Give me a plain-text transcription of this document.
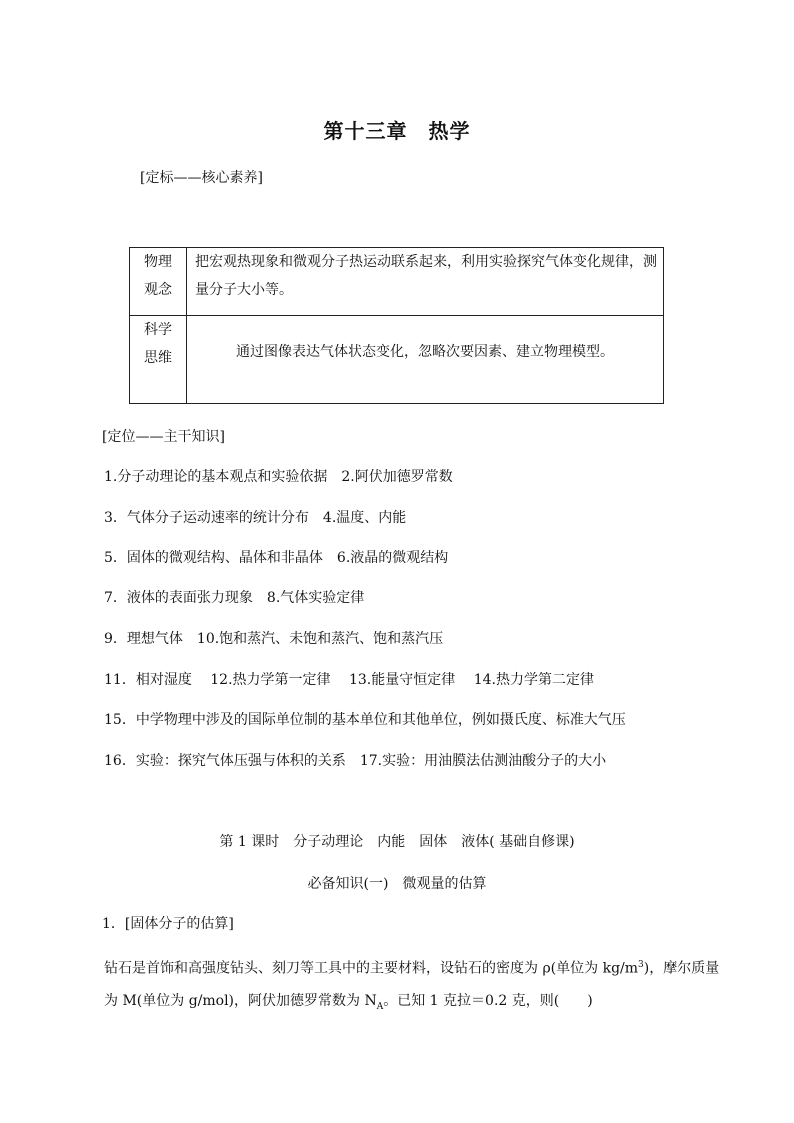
第十三章　热学
[定标——核心素养]
物理
观念	把宏观热现象和微观分子热运动联系起来，利用实验探究气体变化规律，测量分子大小等。

科学
思维	通过图像表达气体状态变化，忽略次要因素、建立物理模型。
[定位——主干知识]
1.分子动理论的基本观点和实验依据　2.阿伏加德罗常数
3．气体分子运动速率的统计分布　4.温度、内能
5．固体的微观结构、晶体和非晶体　6.液晶的微观结构
7．液体的表面张力现象　8.气体实验定律
9．理想气体　10.饱和蒸汽、未饱和蒸汽、饱和蒸汽压
11．相对湿度　 12.热力学第一定律　 13.能量守恒定律　 14.热力学第二定律
15．中学物理中涉及的国际单位制的基本单位和其他单位，例如摄氏度、标准大气压
16．实验：探究气体压强与体积的关系　17.实验：用油膜法估测油酸分子的大小
第 1 课时　分子动理论　内能　固体　液体( 基础自修课)
必备知识(一)　微观量的估算
1．[固体分子的估算]
钻石是首饰和高强度钻头、刻刀等工具中的主要材料，设钻石的密度为 ρ(单位为 $kg/m^3$)，摩尔质量为 M(单位为 g/mol)，阿伏加德罗常数为 $N_A$。已知 1 克拉＝0.2 克，则(　　)
